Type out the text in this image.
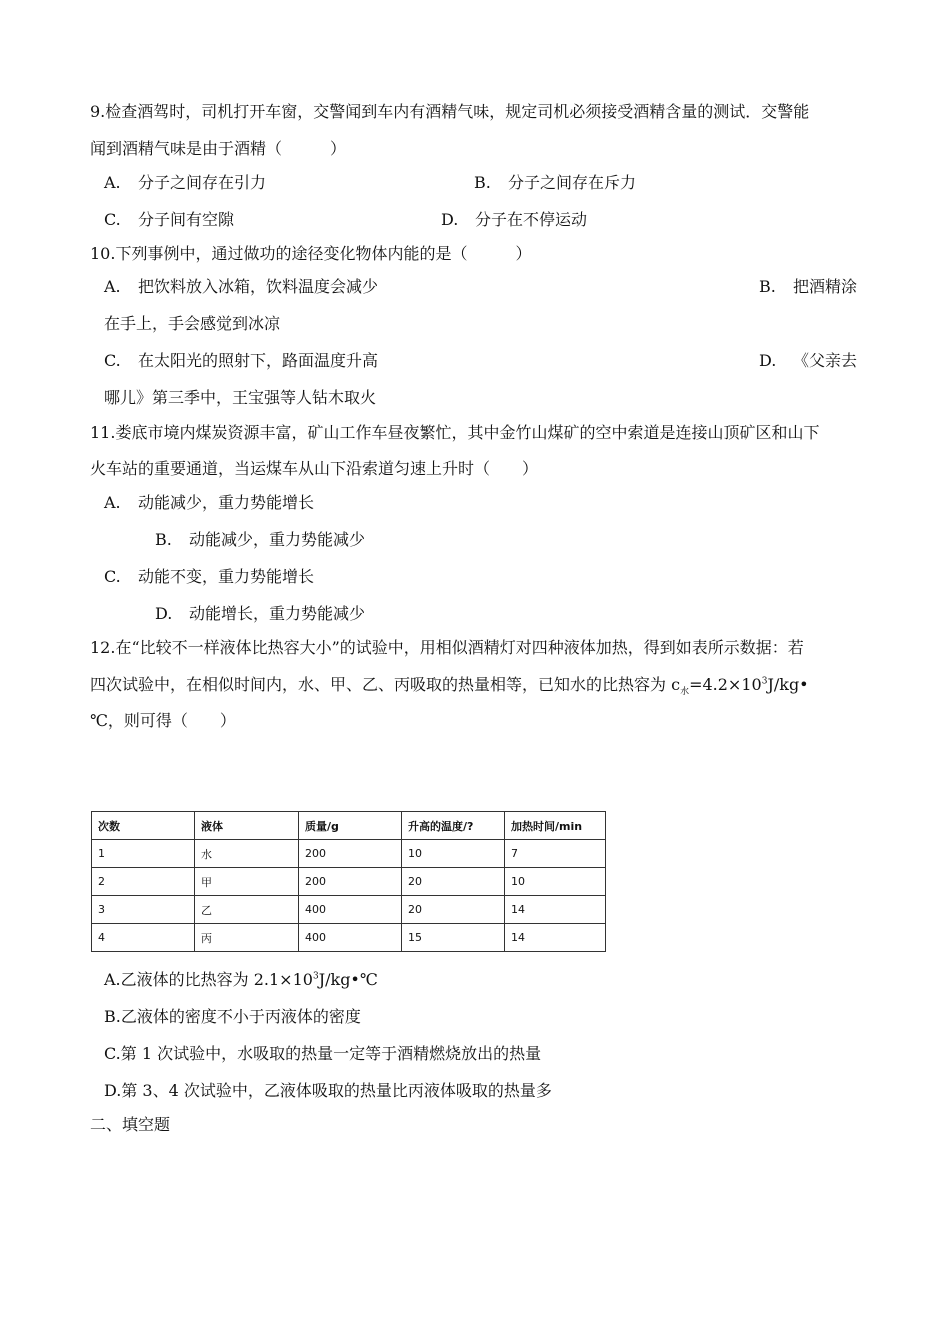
9.检查酒驾时，司机打开车窗，交警闻到车内有酒精气味，规定司机必须接受酒精含量的测试．交警能
闻到酒精气味是由于酒精（　　　）
A. 分子之间存在引力	B. 分子之间存在斥力
C. 分子间有空隙	D. 分子在不停运动
10.下列事例中，通过做功的途径变化物体内能的是（　　　）
A. 把饮料放入冰箱，饮料温度会减少	B. 把酒精涂
在手上，手会感觉到冰凉
C. 在太阳光的照射下，路面温度升高	D. 《父亲去
哪儿》第三季中，王宝强等人钻木取火
11.娄底市境内煤炭资源丰富，矿山工作车昼夜繁忙，其中金竹山煤矿的空中索道是连接山顶矿区和山下
火车站的重要通道，当运煤车从山下沿索道匀速上升时（　　）
A. 动能减少，重力势能增长
B. 动能减少，重力势能减少
C. 动能不变，重力势能增长
D. 动能增长，重力势能减少
12.在“比较不一样液体比热容大小”的试验中，用相似酒精灯对四种液体加热，得到如表所示数据：若
四次试验中，在相似时间内，水、甲、乙、丙吸取的热量相等，已知水的比热容为 $c_水=4.2\times 10^3J/kg•$
℃，则可得（　　）
次数	液体	质量/g	升高的温度/?	加热时间/min
1	水	200	10	7
2	甲	200	20	10
3	乙	400	20	14
4	丙	400	15	14
A.乙液体的比热容为 $2.1\times 10^3J/kg•℃$
B.乙液体的密度不小于丙液体的密度
C.第 1 次试验中，水吸取的热量一定等于酒精燃烧放出的热量
D.第 3、4 次试验中，乙液体吸取的热量比丙液体吸取的热量多
二、填空题
